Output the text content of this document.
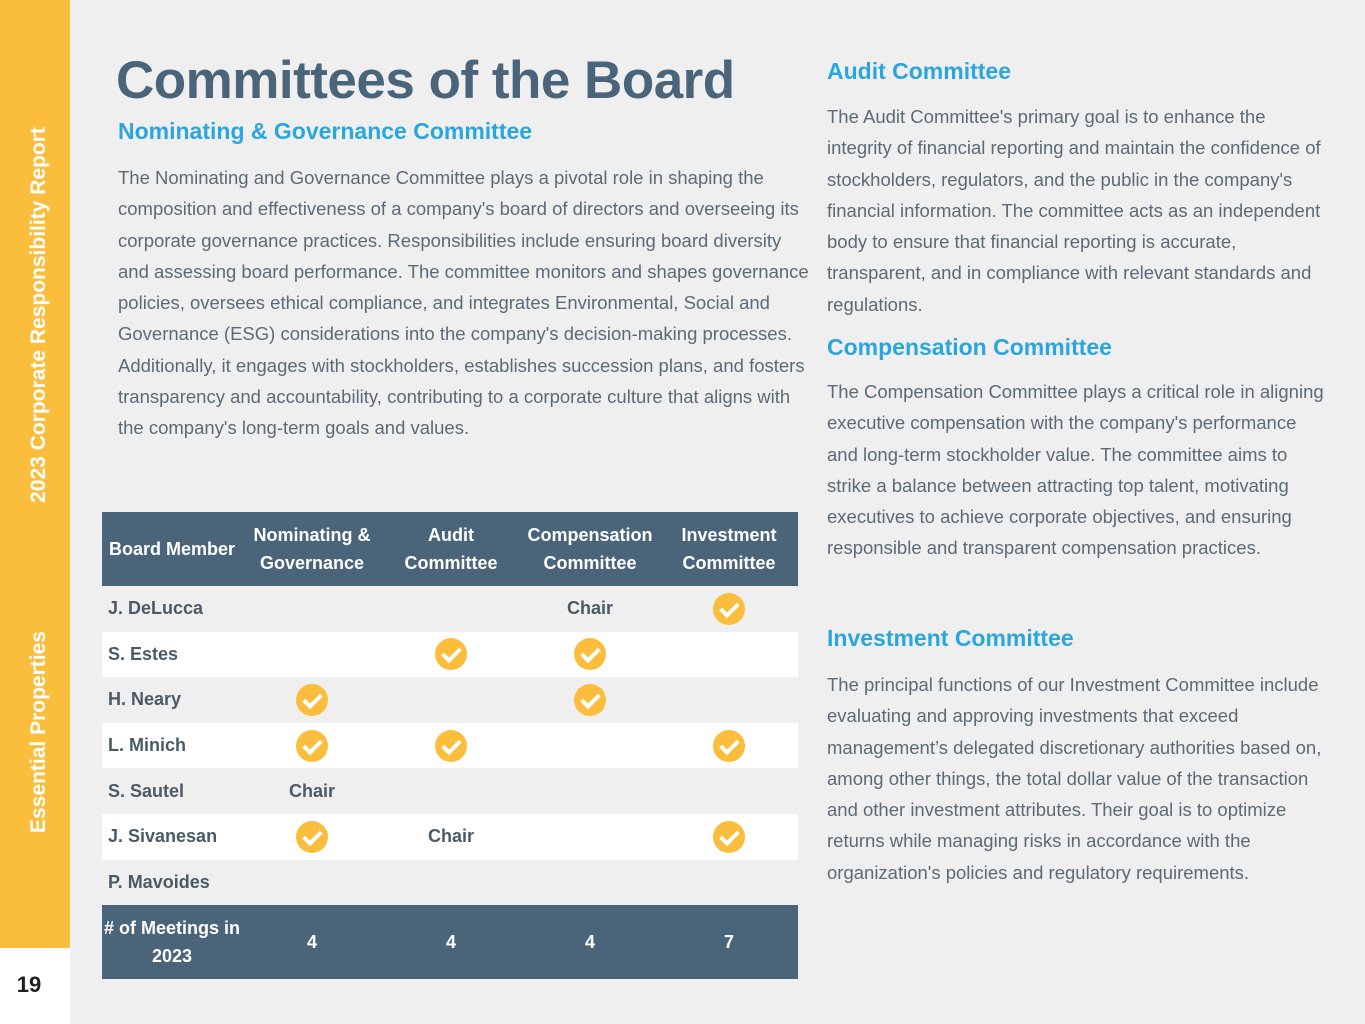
2023 Corporate Responsibility Report
Essential Properties
19
Committees of the Board
Nominating & Governance Committee

The Nominating and Governance Committee plays a pivotal role in shaping the composition and effectiveness of a company's board of directors and overseeing its corporate governance practices. Responsibilities include ensuring board diversity and assessing board performance. The committee monitors and shapes governance policies, oversees ethical compliance, and integrates Environmental, Social and Governance (ESG) considerations into the company's decision-making processes. Additionally, it engages with stockholders, establishes succession plans, and fosters transparency and accountability, contributing to a corporate culture that aligns with the company's long-term goals and values.

Audit Committee

The Audit Committee's primary goal is to enhance the integrity of financial reporting and maintain the confidence of stockholders, regulators, and the public in the company's financial information. The committee acts as an independent body to ensure that financial reporting is accurate, transparent, and in compliance with relevant standards and regulations.

Compensation Committee

The Compensation Committee plays a critical role in aligning executive compensation with the company's performance and long-term stockholder value. The committee aims to strike a balance between attracting top talent, motivating executives to achieve corporate objectives, and ensuring responsible and transparent compensation practices.

Investment Committee

The principal functions of our Investment Committee include evaluating and approving investments that exceed management’s delegated discretionary authorities based on, among other things, the total dollar value of the transaction and other investment attributes. Their goal is to optimize returns while managing risks in accordance with the organization's policies and regulatory requirements.

Board Member	Nominating & Governance	Audit Committee	Compensation Committee	Investment Committee
J. DeLucca			Chair	
S. Estes				
H. Neary				
L. Minich				
S. Sautel	Chair			
J. Sivanesan		Chair		
P. Mavoides				
# of Meetings in 2023	4	4	4	7
